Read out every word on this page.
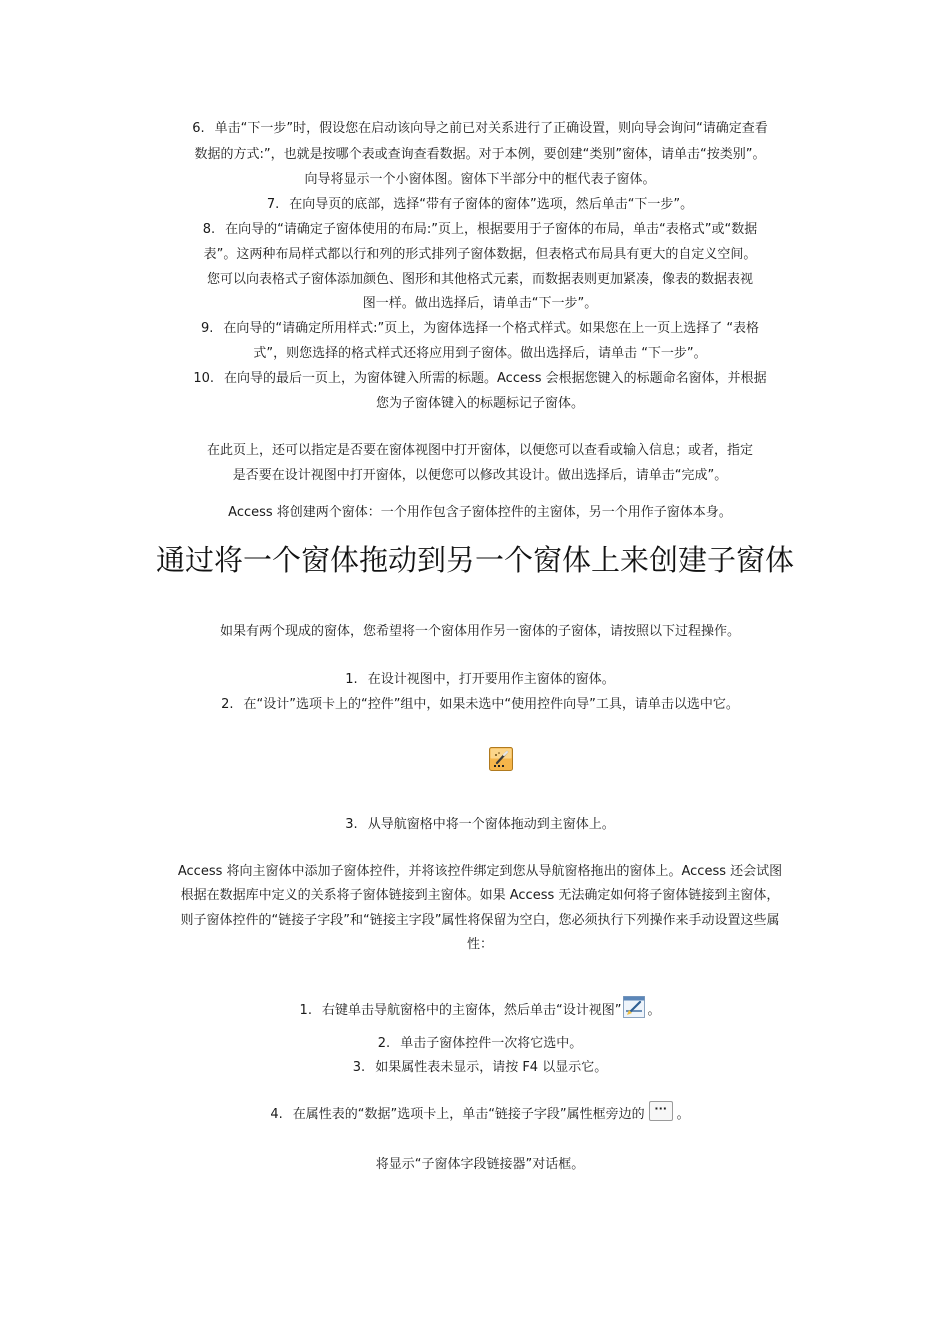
6. 单击“下一步”时，假设您在启动该向导之前已对关系进行了正确设置，则向导会询问“请确定查看
数据的方式:”，也就是按哪个表或查询查看数据。对于本例，要创建“类别”窗体，请单击“按类别”。
向导将显示一个小窗体图。窗体下半部分中的框代表子窗体。
7. 在向导页的底部，选择“带有子窗体的窗体”选项，然后单击“下一步”。
8. 在向导的“请确定子窗体使用的布局:”页上，根据要用于子窗体的布局，单击“表格式”或“数据
表”。这两种布局样式都以行和列的形式排列子窗体数据，但表格式布局具有更大的自定义空间。
您可以向表格式子窗体添加颜色、图形和其他格式元素，而数据表则更加紧凑，像表的数据表视
图一样。做出选择后，请单击“下一步”。
9. 在向导的“请确定所用样式:”页上，为窗体选择一个格式样式。如果您在上一页上选择了 “表格
式”，则您选择的格式样式还将应用到子窗体。做出选择后，请单击 “下一步”。
10. 在向导的最后一页上，为窗体键入所需的标题。Access 会根据您键入的标题命名窗体，并根据
您为子窗体键入的标题标记子窗体。
在此页上，还可以指定是否要在窗体视图中打开窗体，以便您可以查看或输入信息；或者，指定
是否要在设计视图中打开窗体，以便您可以修改其设计。做出选择后，请单击“完成”。
Access 将创建两个窗体：一个用作包含子窗体控件的主窗体，另一个用作子窗体本身。
通过将一个窗体拖动到另一个窗体上来创建子窗体
如果有两个现成的窗体，您希望将一个窗体用作另一窗体的子窗体，请按照以下过程操作。
1. 在设计视图中，打开要用作主窗体的窗体。
2. 在“设计”选项卡上的“控件”组中，如果未选中“使用控件向导”工具，请单击以选中它。
3. 从导航窗格中将一个窗体拖动到主窗体上。
Access 将向主窗体中添加子窗体控件，并将该控件绑定到您从导航窗格拖出的窗体上。Access 还会试图
根据在数据库中定义的关系将子窗体链接到主窗体。如果 Access 无法确定如何将子窗体链接到主窗体，
则子窗体控件的“链接子字段”和“链接主字段”属性将保留为空白，您必须执行下列操作来手动设置这些属
性：
1. 右键单击导航窗格中的主窗体，然后单击“设计视图” 。
2. 单击子窗体控件一次将它选中。
3. 如果属性表未显示，请按 F4 以显示它。
4. 在属性表的“数据”选项卡上，单击“链接子字段”属性框旁边的 ··· 。
将显示“子窗体字段链接器”对话框。
